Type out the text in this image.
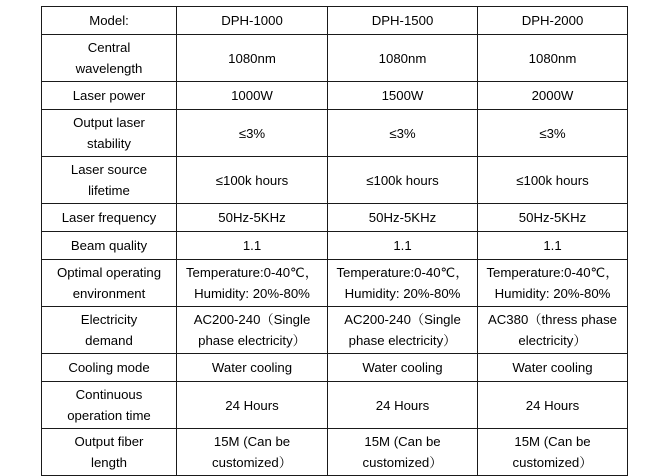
Model:	DPH-1000	DPH-1500	DPH-2000

Central
wavelength	1080nm	1080nm	1080nm

Laser power	1000W	1500W	2000W

Output laser
stability	≤3%	≤3%	≤3%

Laser source
lifetime	≤100k hours	≤100k hours	≤100k hours

Laser frequency	50Hz-5KHz	50Hz-5KHz	50Hz-5KHz

Beam quality	1.1	1.1	1.1

Optimal operating
environment	Temperature:0-40℃，
Humidity: 20%-80%	Temperature:0-40℃，
Humidity: 20%-80%	Temperature:0-40℃，
Humidity: 20%-80%

Electricity
demand	AC200-240（Single
phase electricity）	AC200-240（Single
phase electricity）	AC380（thress phase
electricity）

Cooling mode	Water cooling	Water cooling	Water cooling

Continuous
operation time	24 Hours	24 Hours	24 Hours

Output fiber
length	15M (Can be
customized）	15M (Can be
customized）	15M (Can be
customized）
